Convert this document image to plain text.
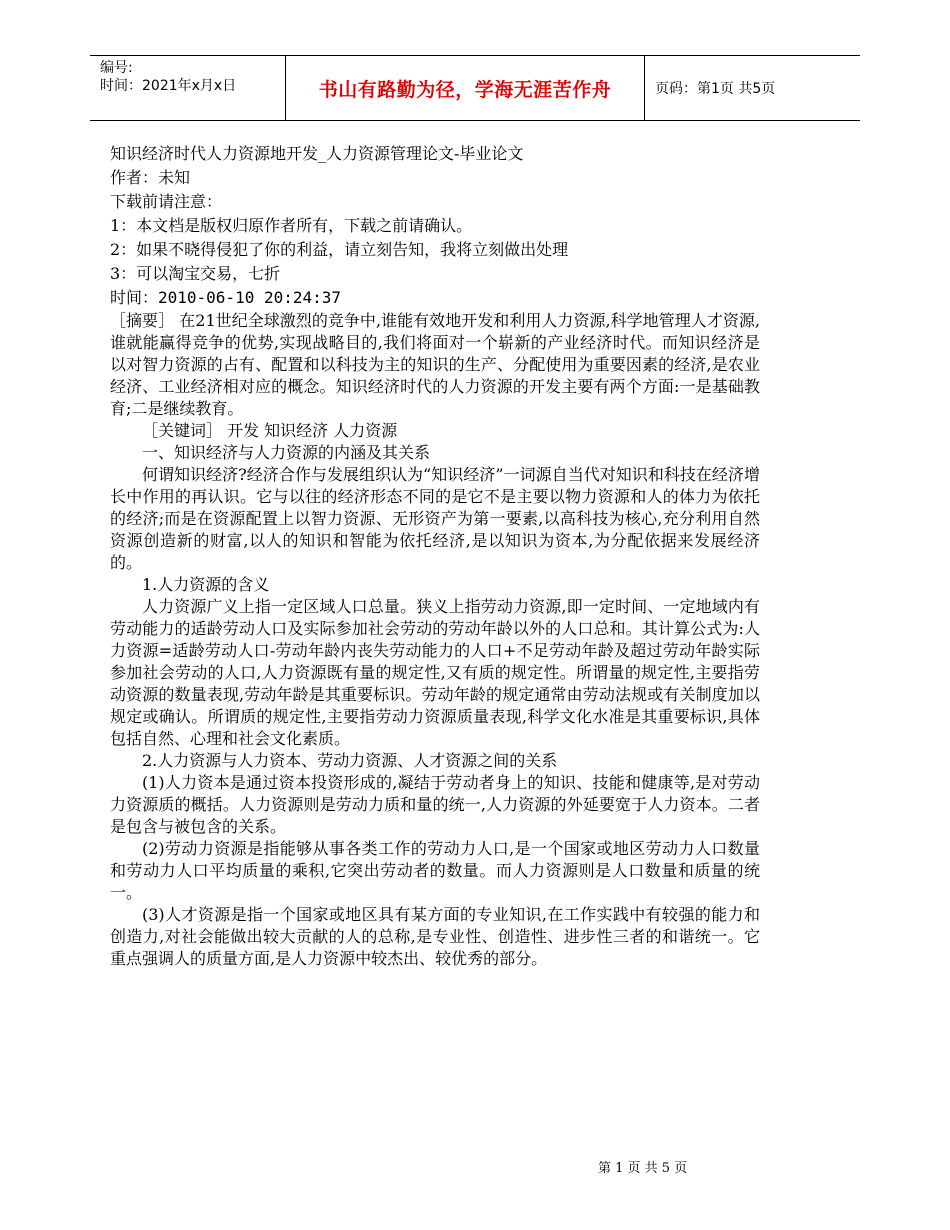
编号:
时间：2021年x月x日	书山有路勤为径，学海无涯苦作舟	页码：第1页 共5页

知识经济时代人力资源地开发_人力资源管理论文-毕业论文

作者：未知

下载前请注意：

1：本文档是版权归原作者所有，下载之前请确认。

2：如果不晓得侵犯了你的利益，请立刻告知，我将立刻做出处理

3：可以淘宝交易，七折

时间：2010-06-10 20:24:37

［摘要］ 在21世纪全球激烈的竞争中,谁能有效地开发和利用人力资源,科学地管理人才资源,谁就能赢得竞争的优势,实现战略目的,我们将面对一个崭新的产业经济时代。而知识经济是以对智力资源的占有、配置和以科技为主的知识的生产、分配使用为重要因素的经济,是农业经济、工业经济相对应的概念。知识经济时代的人力资源的开发主要有两个方面:一是基础教育;二是继续教育。

［关键词］ 开发 知识经济 人力资源

一、知识经济与人力资源的内涵及其关系

何谓知识经济?经济合作与发展组织认为“知识经济”一词源自当代对知识和科技在经济增长中作用的再认识。它与以往的经济形态不同的是它不是主要以物力资源和人的体力为依托的经济;而是在资源配置上以智力资源、无形资产为第一要素,以高科技为核心,充分利用自然资源创造新的财富,以人的知识和智能为依托经济,是以知识为资本,为分配依据来发展经济的。

1.人力资源的含义

人力资源广义上指一定区域人口总量。狭义上指劳动力资源,即一定时间、一定地域内有劳动能力的适龄劳动人口及实际参加社会劳动的劳动年龄以外的人口总和。其计算公式为:人力资源=适龄劳动人口-劳动年龄内丧失劳动能力的人口+不足劳动年龄及超过劳动年龄实际参加社会劳动的人口,人力资源既有量的规定性,又有质的规定性。所谓量的规定性,主要指劳动资源的数量表现,劳动年龄是其重要标识。劳动年龄的规定通常由劳动法规或有关制度加以规定或确认。所谓质的规定性,主要指劳动力资源质量表现,科学文化水准是其重要标识,具体包括自然、心理和社会文化素质。

2.人力资源与人力资本、劳动力资源、人才资源之间的关系

(1)人力资本是通过资本投资形成的,凝结于劳动者身上的知识、技能和健康等,是对劳动力资源质的概括。人力资源则是劳动力质和量的统一,人力资源的外延要宽于人力资本。二者是包含与被包含的关系。

(2)劳动力资源是指能够从事各类工作的劳动力人口,是一个国家或地区劳动力人口数量和劳动力人口平均质量的乘积,它突出劳动者的数量。而人力资源则是人口数量和质量的统一。

(3)人才资源是指一个国家或地区具有某方面的专业知识,在工作实践中有较强的能力和创造力,对社会能做出较大贡献的人的总称,是专业性、创造性、进步性三者的和谐统一。它重点强调人的质量方面,是人力资源中较杰出、较优秀的部分。

第 1 页 共 5 页
